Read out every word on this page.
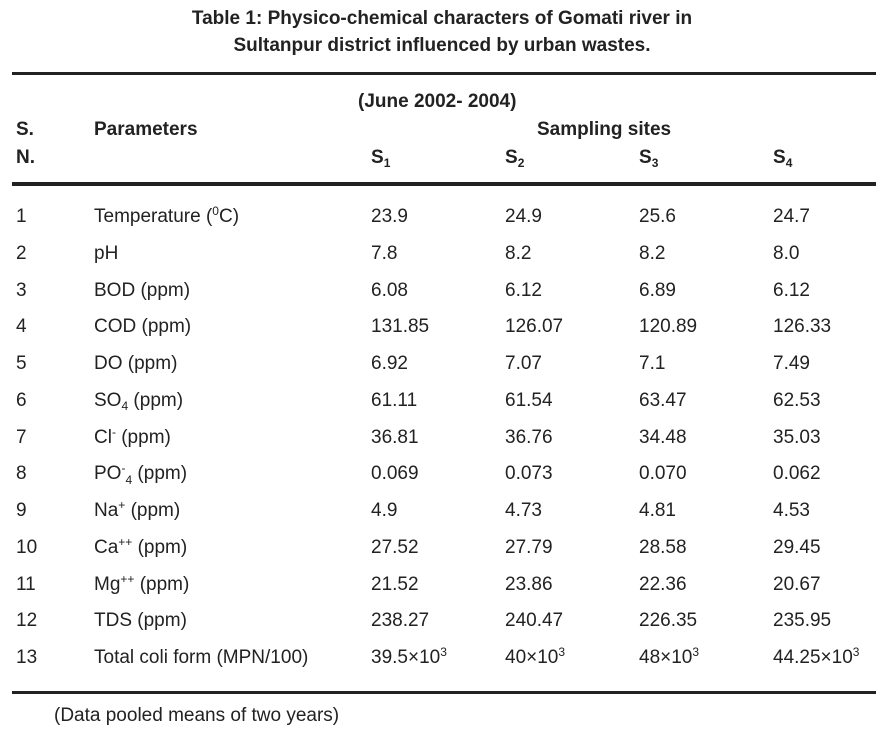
Table 1: Physico-chemical characters of Gomati river in
Sultanpur district influenced by urban wastes.
(June 2002- 2004)
S.
N.
Parameters	Sampling sites
$S_1$	$S_2$	$S_3$	$S_4$
1	Temperature ($^0$C)	23.9	24.9	25.6	24.7
2	pH	7.8	8.2	8.2	8.0
3	BOD (ppm)	6.08	6.12	6.89	6.12
4	COD (ppm)	131.85	126.07	120.89	126.33
5	DO (ppm)	6.92	7.07	7.1	7.49
6	$SO_4$ (ppm)	61.11	61.54	63.47	62.53
7	Cl- (ppm)	36.81	36.76	34.48	35.03
8	$PO^-_4$ (ppm)	0.069	0.073	0.070	0.062
9	Na+ (ppm)	4.9	4.73	4.81	4.53
10	Ca++ (ppm)	27.52	27.79	28.58	29.45
11	Mg++ (ppm)	21.52	23.86	22.36	20.67
12	TDS (ppm)	238.27	240.47	226.35	235.95
13	Total coli form (MPN/100)	$39.5\times 10^3$	$40\times 10^3$	$48\times 10^3$	$44.25\times 10^3$
(Data pooled means of two years)
